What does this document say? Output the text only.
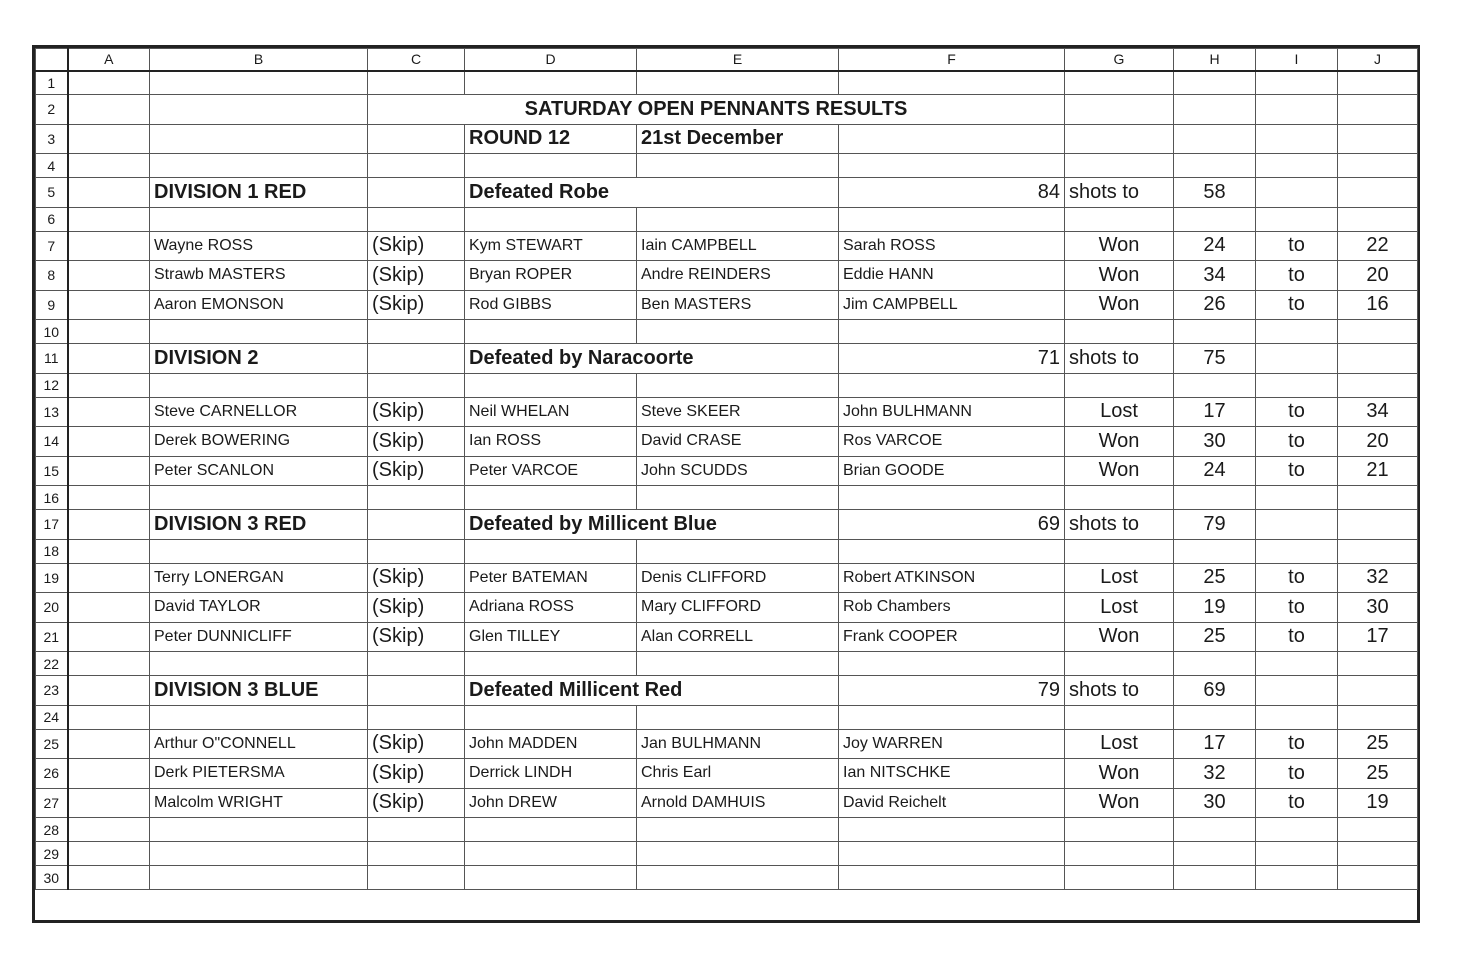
	A	B	C	D	E	F	G	H	I	J
1										
2			SATURDAY OPEN PENNANTS RESULTS							
3				ROUND 12	21st December					
4										
5		DIVISION 1 RED		Defeated Robe		84	shots to	58		
6										
7		Wayne ROSS	(Skip)	Kym STEWART	Iain CAMPBELL	Sarah ROSS	Won	24	to	22
8		Strawb MASTERS	(Skip)	Bryan ROPER	Andre REINDERS	Eddie HANN	Won	34	to	20
9		Aaron EMONSON	(Skip)	Rod GIBBS	Ben MASTERS	Jim CAMPBELL	Won	26	to	16
10										
11		DIVISION 2		Defeated by Naracoorte		71	shots to	75		
12										
13		Steve CARNELLOR	(Skip)	Neil WHELAN	Steve SKEER	John BULHMANN	Lost	17	to	34
14		Derek BOWERING	(Skip)	Ian ROSS	David CRASE	Ros VARCOE	Won	30	to	20
15		Peter SCANLON	(Skip)	Peter VARCOE	John SCUDDS	Brian GOODE	Won	24	to	21
16										
17		DIVISION 3 RED		Defeated by Millicent Blue		69	shots to	79		
18										
19		Terry LONERGAN	(Skip)	Peter BATEMAN	Denis CLIFFORD	Robert ATKINSON	Lost	25	to	32
20		David TAYLOR	(Skip)	Adriana ROSS	Mary CLIFFORD	Rob Chambers	Lost	19	to	30
21		Peter DUNNICLIFF	(Skip)	Glen TILLEY	Alan CORRELL	Frank COOPER	Won	25	to	17
22										
23		DIVISION 3 BLUE		Defeated Millicent Red		79	shots to	69		
24										
25		Arthur O"CONNELL	(Skip)	John MADDEN	Jan BULHMANN	Joy WARREN	Lost	17	to	25
26		Derk PIETERSMA	(Skip)	Derrick LINDH	Chris Earl	Ian NITSCHKE	Won	32	to	25
27		Malcolm WRIGHT	(Skip)	John DREW	Arnold DAMHUIS	David Reichelt	Won	30	to	19
28										
29										
30										
